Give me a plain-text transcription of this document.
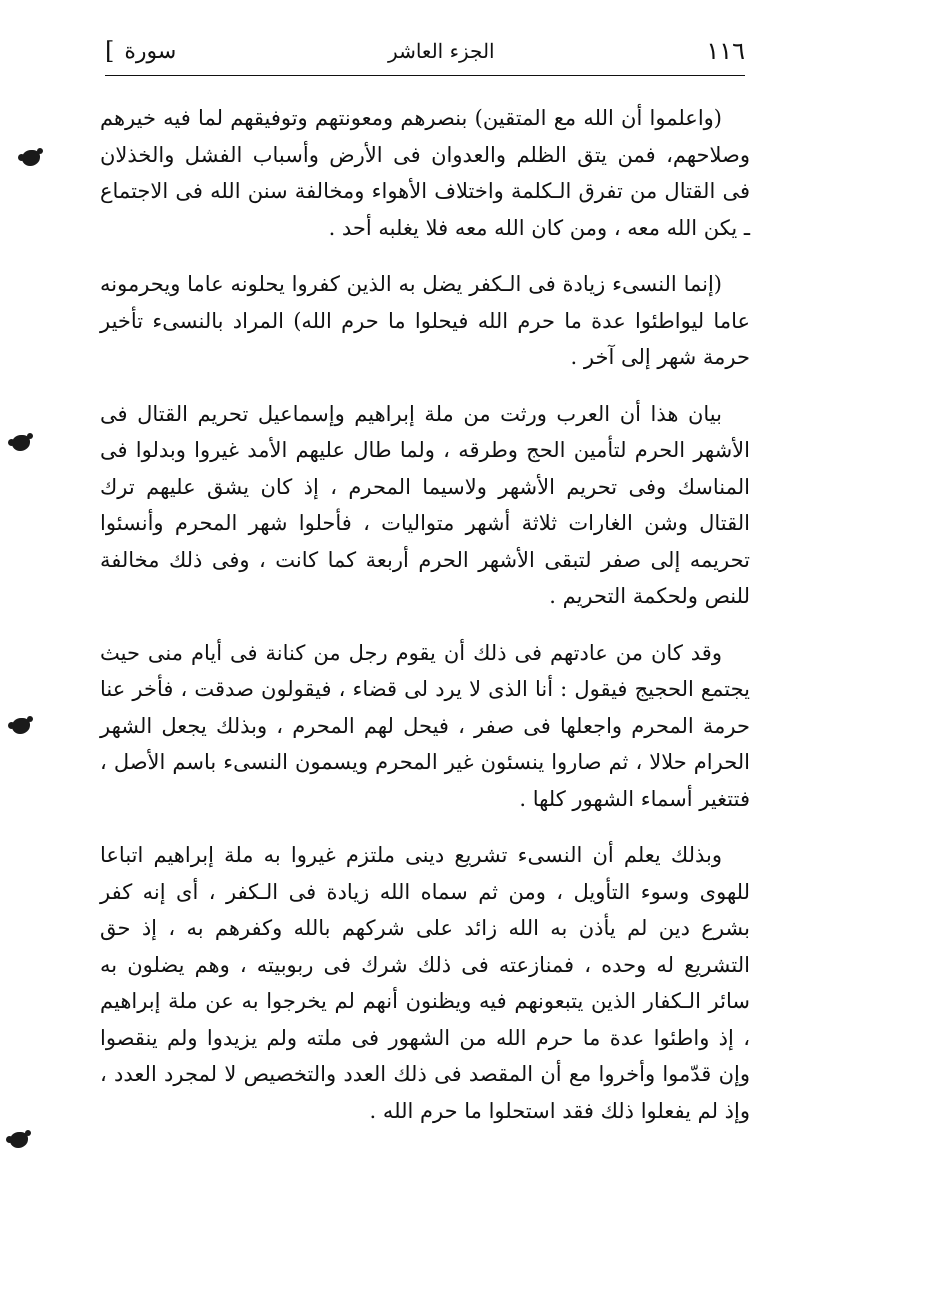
[ سورة	الجزء العاشر	١١٦

(واعلموا أن الله مع المتقين) بنصرهم ومعونتهم وتوفيقهم لما فيه خيرهم وصلاحهم، فمن يتق الظلم والعدوان فى الأرض وأسباب الفشل والخذلان فى القتال من تفرق الـكلمة واختلاف الأهواء ومخالفة سنن الله فى الاجتماع ـ يكن الله معه ، ومن كان الله معه فلا يغلبه أحد .

(إنما النسىء زيادة فى الـكفر يضل به الذين كفروا يحلونه عاما ويحرمونه عاما ليواطئوا عدة ما حرم الله فيحلوا ما حرم الله) المراد بالنسىء تأخير حرمة شهر إلى آخر .

بيان هذا أن العرب ورثت من ملة إبراهيم وإسماعيل تحريم القتال فى الأشهر الحرم لتأمين الحج وطرقه ، ولما طال عليهم الأمد غيروا وبدلوا فى المناسك وفى تحريم الأشهر ولاسيما المحرم ، إذ كان يشق عليهم ترك القتال وشن الغارات ثلاثة أشهر متواليات ، فأحلوا شهر المحرم وأنسئوا تحريمه إلى صفر لتبقى الأشهر الحرم أربعة كما كانت ، وفى ذلك مخالفة للنص ولحكمة التحريم .

وقد كان من عادتهم فى ذلك أن يقوم رجل من كنانة فى أيام منى حيث يجتمع الحجيج فيقول : أنا الذى لا يرد لى قضاء ، فيقولون صدقت ، فأخر عنا حرمة المحرم واجعلها فى صفر ، فيحل لهم المحرم ، وبذلك يجعل الشهر الحرام حلالا ، ثم صاروا ينسئون غير المحرم ويسمون النسىء باسم الأصل ، فتتغير أسماء الشهور كلها .

وبذلك يعلم أن النسىء تشريع دينى ملتزم غيروا به ملة إبراهيم اتباعا للهوى وسوء التأويل ، ومن ثم سماه الله زيادة فى الـكفر ، أى إنه كفر بشرع دين لم يأذن به الله زائد على شركهم بالله وكفرهم به ، إذ حق التشريع له وحده ، فمنازعته فى ذلك شرك فى ربوبيته ، وهم يضلون به سائر الـكفار الذين يتبعونهم فيه ويظنون أنهم لم يخرجوا به عن ملة إبراهيم ، إذ واطئوا عدة ما حرم الله من الشهور فى ملته ولم يزيدوا ولم ينقصوا وإن قدّموا وأخروا مع أن المقصد فى ذلك العدد والتخصيص لا لمجرد العدد ، وإذ لم يفعلوا ذلك فقد استحلوا ما حرم الله .
